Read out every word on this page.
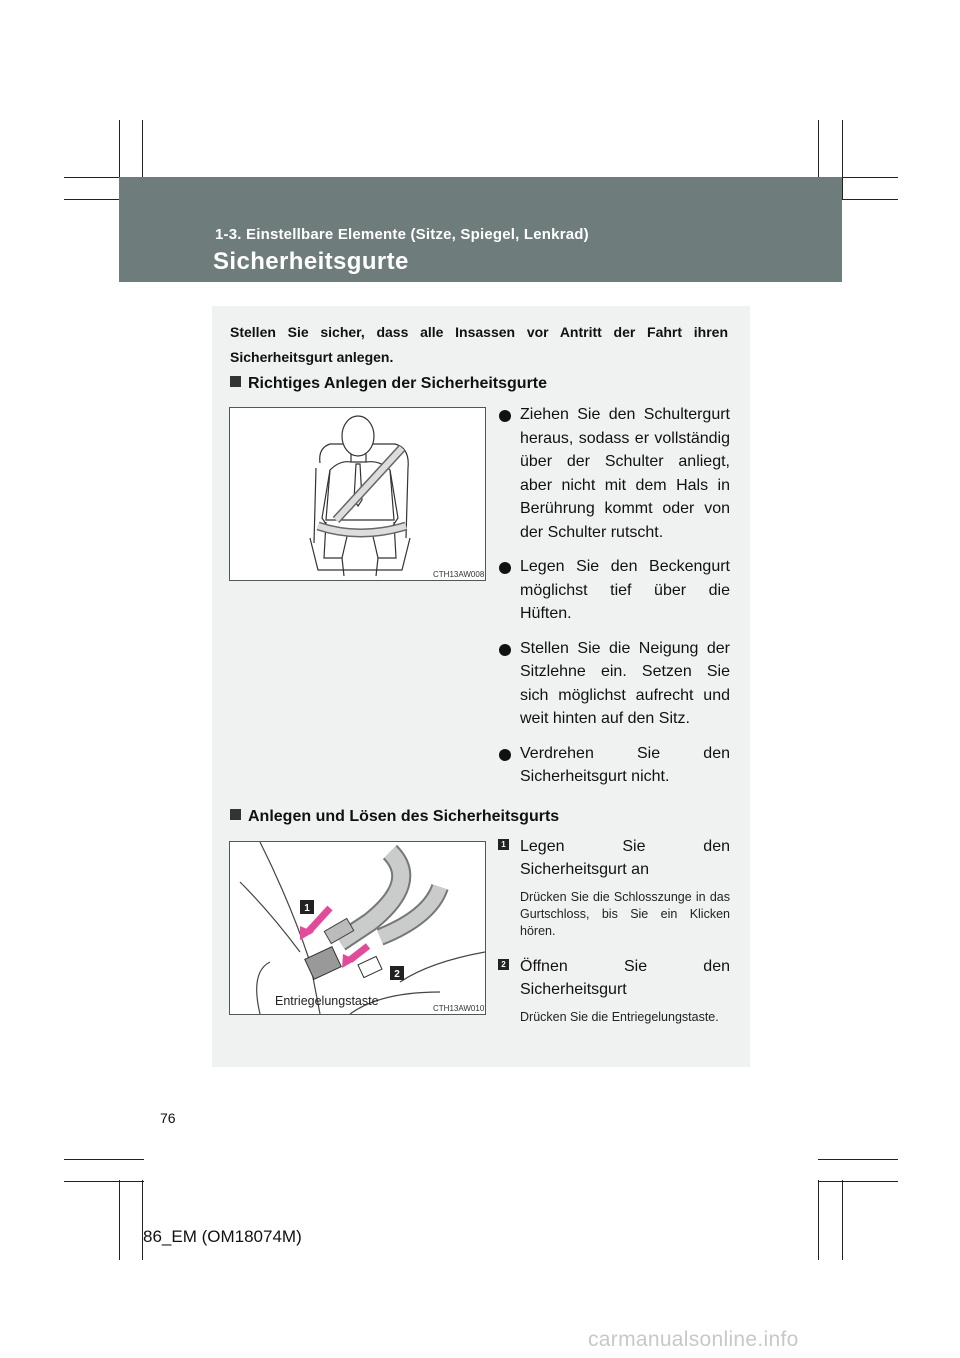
1-3. Einstellbare Elemente (Sitze, Spiegel, Lenkrad)
Sicherheitsgurte
Stellen Sie sicher, dass alle Insassen vor Antritt der Fahrt ihren Sicherheitsgurt anlegen.
Richtiges Anlegen der Sicherheitsgurte
CTH13AW008
Ziehen Sie den Schultergurt heraus, sodass er vollständig über der Schulter anliegt, aber nicht mit dem Hals in Berührung kommt oder von der Schulter rutscht.
Legen Sie den Beckengurt möglichst tief über die Hüften.
Stellen Sie die Neigung der Sitzlehne ein. Setzen Sie sich möglichst aufrecht und weit hinten auf den Sitz.
Verdrehen Sie den Sicherheitsgurt nicht.
Anlegen und Lösen des Sicherheitsgurts
1
2
Entriegelungstaste
CTH13AW010
1 Legen Sie den Sicherheitsgurt an
Drücken Sie die Schlosszunge in das Gurtschloss, bis Sie ein Klicken hören.
2 Öffnen Sie den Sicherheitsgurt
Drücken Sie die Entriegelungstaste.
76
86_EM (OM18074M)
carmanualsonline.info
